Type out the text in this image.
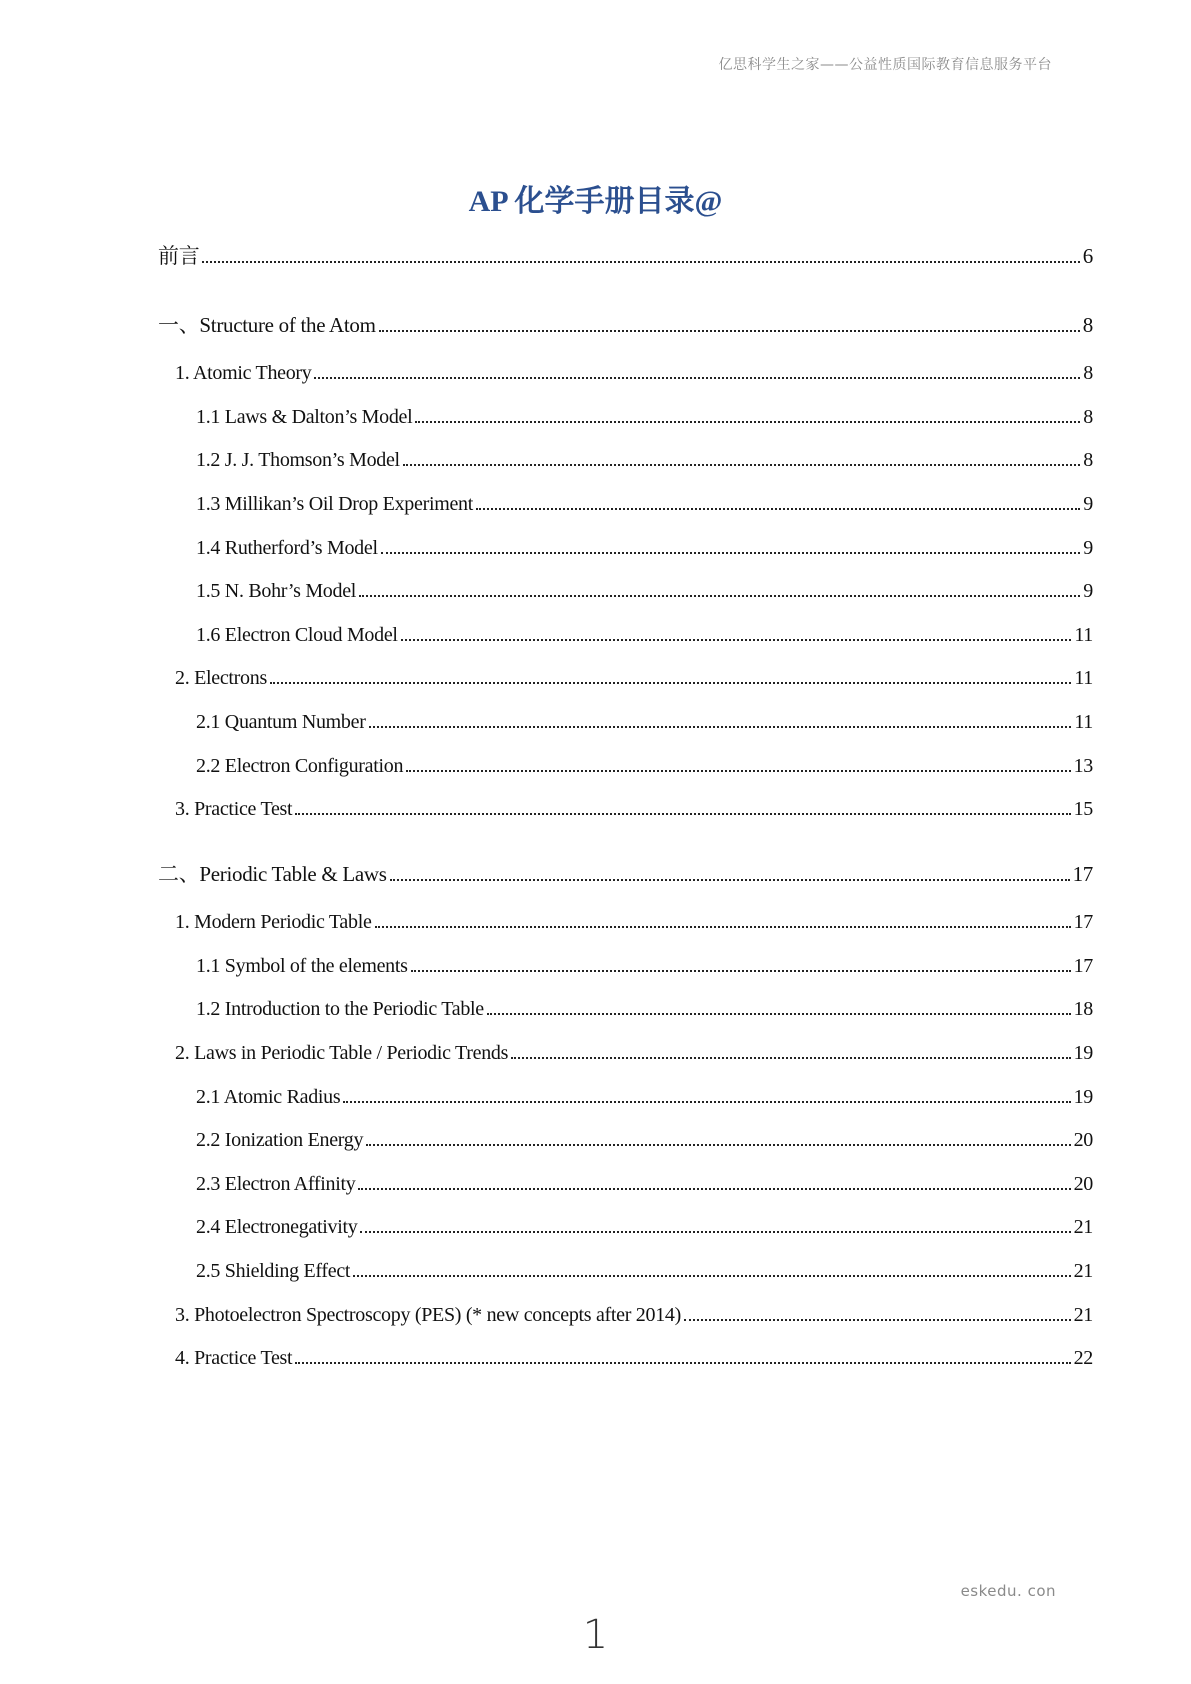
亿思科学生之家——公益性质国际教育信息服务平台
AP 化学手册目录@
前言	6
一、Structure of the Atom	8
1. Atomic Theory	8
1.1 Laws & Dalton’s Model	8
1.2 J. J. Thomson’s Model	8
1.3 Millikan’s Oil Drop Experiment	9
1.4 Rutherford’s Model	9
1.5 N. Bohr’s Model	9
1.6 Electron Cloud Model	11
2. Electrons	11
2.1 Quantum Number	11
2.2 Electron Configuration	13
3. Practice Test	15
二、Periodic Table & Laws	17
1. Modern Periodic Table	17
1.1 Symbol of the elements	17
1.2 Introduction to the Periodic Table	18
2. Laws in Periodic Table / Periodic Trends	19
2.1 Atomic Radius	19
2.2 Ionization Energy	20
2.3 Electron Affinity	20
2.4 Electronegativity	21
2.5 Shielding Effect	21
3. Photoelectron Spectroscopy (PES) (* new concepts after 2014)	21
4. Practice Test	22
eskedu. con
1
